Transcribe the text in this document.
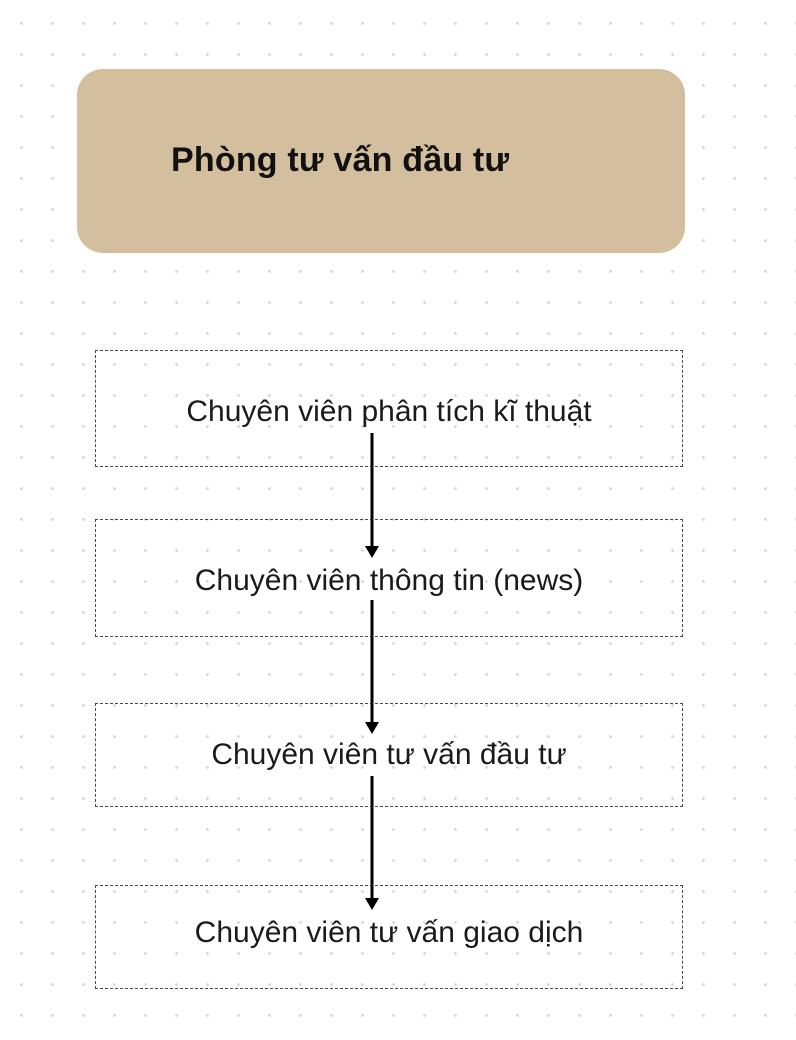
Phòng tư vấn đầu tư
Chuyên viên phân tích kĩ thuật
Chuyên viên thông tin (news)
Chuyên viên tư vấn đầu tư
Chuyên viên tư vấn giao dịch
